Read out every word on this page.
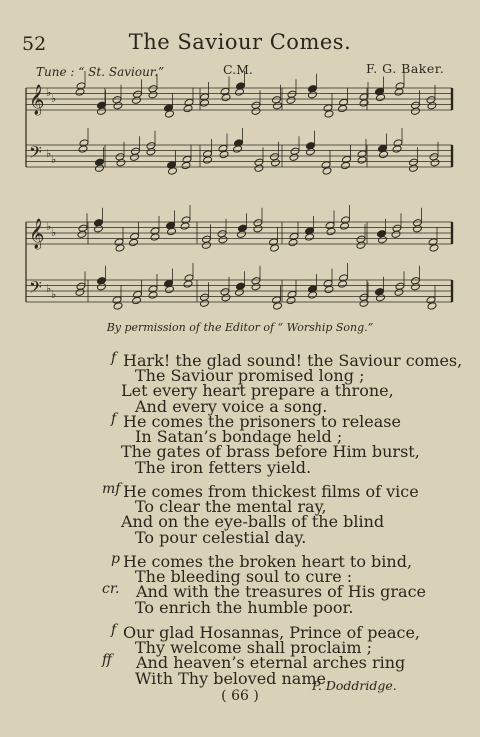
52	The Saviour Comes.
Tune : “ St. Saviour.”	C.M.	F. G. Baker.
𝄞 ♭ ♭
𝄢 ♭ ♭
𝄞 ♭ ♭
𝄢 ♭ ♭
By permission of the Editor of “ Worship Song.”
f Hark! the glad sound! the Saviour comes,
The Saviour promised long ;
Let every heart prepare a throne,
And every voice a song.
f He comes the prisoners to release
In Satan’s bondage held ;
The gates of brass before Him burst,
The iron fetters yield.
mf He comes from thickest films of vice
To clear the mental ray,
And on the eye-balls of the blind
To pour celestial day.
p He comes the broken heart to bind,
The bleeding soul to cure :
cr. And with the treasures of His grace
To enrich the humble poor.
f Our glad Hosannas, Prince of peace,
Thy welcome shall proclaim ;
ff And heaven’s eternal arches ring
With Thy beloved name.
P. Doddridge.
( 66 )
